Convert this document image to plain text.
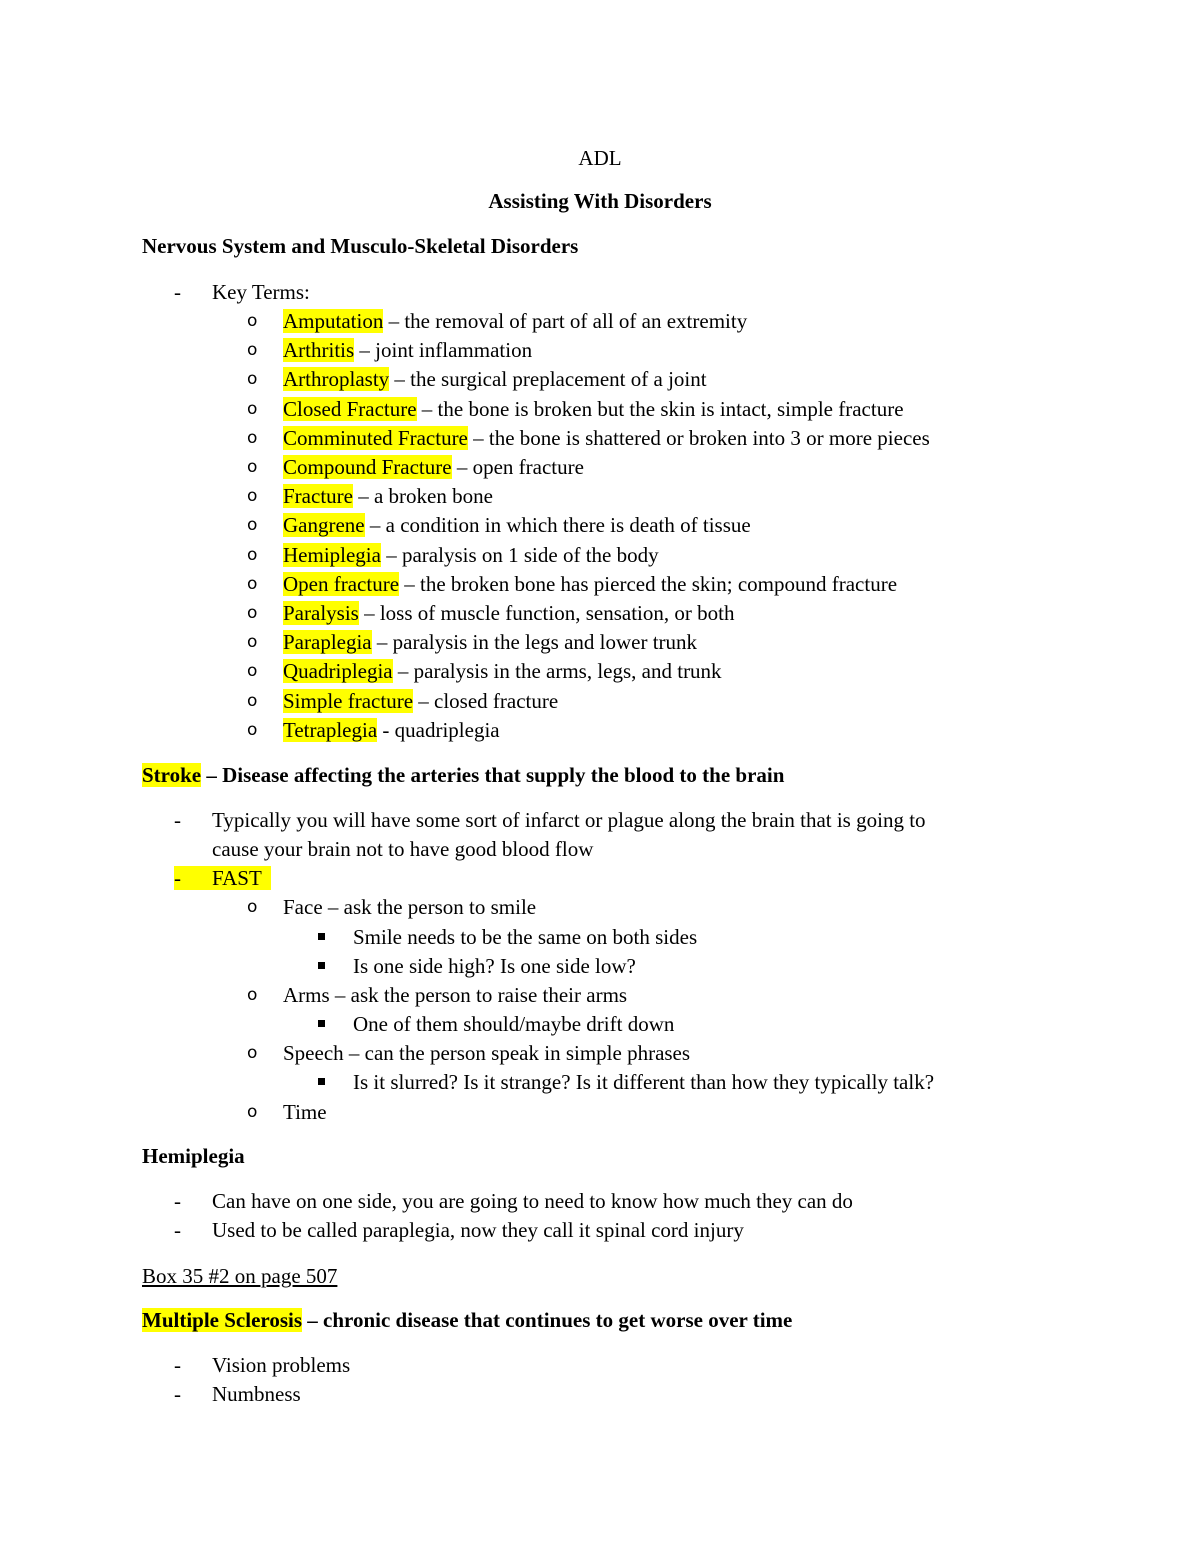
ADL
Assisting With Disorders
Nervous System and Musculo-Skeletal Disorders
- Key Terms:
o Amputation – the removal of part of all of an extremity
o Arthritis – joint inflammation
o Arthroplasty – the surgical preplacement of a joint
o Closed Fracture – the bone is broken but the skin is intact, simple fracture
o Comminuted Fracture – the bone is shattered or broken into 3 or more pieces
o Compound Fracture – open fracture
o Fracture – a broken bone
o Gangrene – a condition in which there is death of tissue
o Hemiplegia – paralysis on 1 side of the body
o Open fracture – the broken bone has pierced the skin; compound fracture
o Paralysis – loss of muscle function, sensation, or both
o Paraplegia – paralysis in the legs and lower trunk
o Quadriplegia – paralysis in the arms, legs, and trunk
o Simple fracture – closed fracture
o Tetraplegia - quadriplegia
Stroke – Disease affecting the arteries that supply the blood to the brain
- Typically you will have some sort of infarct or plague along the brain that is going to
cause your brain not to have good blood flow
- FAST
o Face – ask the person to smile
Smile needs to be the same on both sides
Is one side high? Is one side low?
o Arms – ask the person to raise their arms
One of them should/maybe drift down
o Speech – can the person speak in simple phrases
Is it slurred? Is it strange? Is it different than how they typically talk?
o Time
Hemiplegia
- Can have on one side, you are going to need to know how much they can do
- Used to be called paraplegia, now they call it spinal cord injury
Box 35 #2 on page 507
Multiple Sclerosis – chronic disease that continues to get worse over time
- Vision problems
- Numbness
